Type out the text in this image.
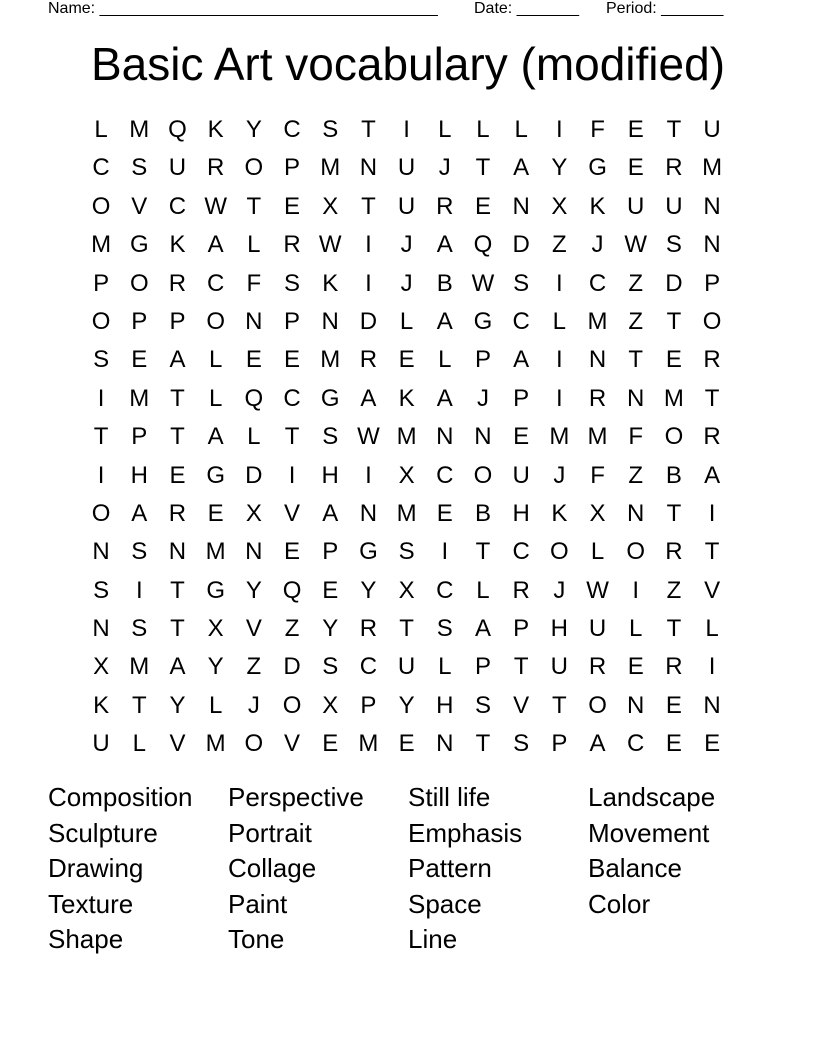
Name: ______________________________________ Date: _______ Period: _______
Basic Art vocabulary (modified)
L M Q K Y C S T	I	L	L	L	I	F E T U
C S U R O P M N U J	T A Y G E R M
O V C W T E X T U R E N X K U U N
M G K A L R W I	J	A Q D Z	J W S N
P O R C F S K	I	J	B W S	I	C Z D P
O P P O N P N D L A G C L M Z T O
S E A L E E M R E L P A	I	N T E R
I	M T	L Q C G A K A	J	P	I	R N M T
T P T A L	T S W M N N E M M F O R
I	H E G D	I	H	I	X C O U J	F Z B A
O A R E X V A N M E B H K X N T	I
N S N M N E P G S	I	T C O L O R T
S	I	T G Y Q E Y X C L R J W I	Z V
N S T X V Z Y R T S A P H U L	T	L
X M A Y Z D S C U L P T U R E R	I
K T Y L	J O X P Y H S V T O N E N
U L V M O V E M E N T S P A C E E
Composition	Perspective	Still life	Landscape
Sculpture	Portrait	Emphasis	Movement
Drawing	Collage	Pattern	Balance
Texture	Paint	Space	Color
Shape	Tone	Line
